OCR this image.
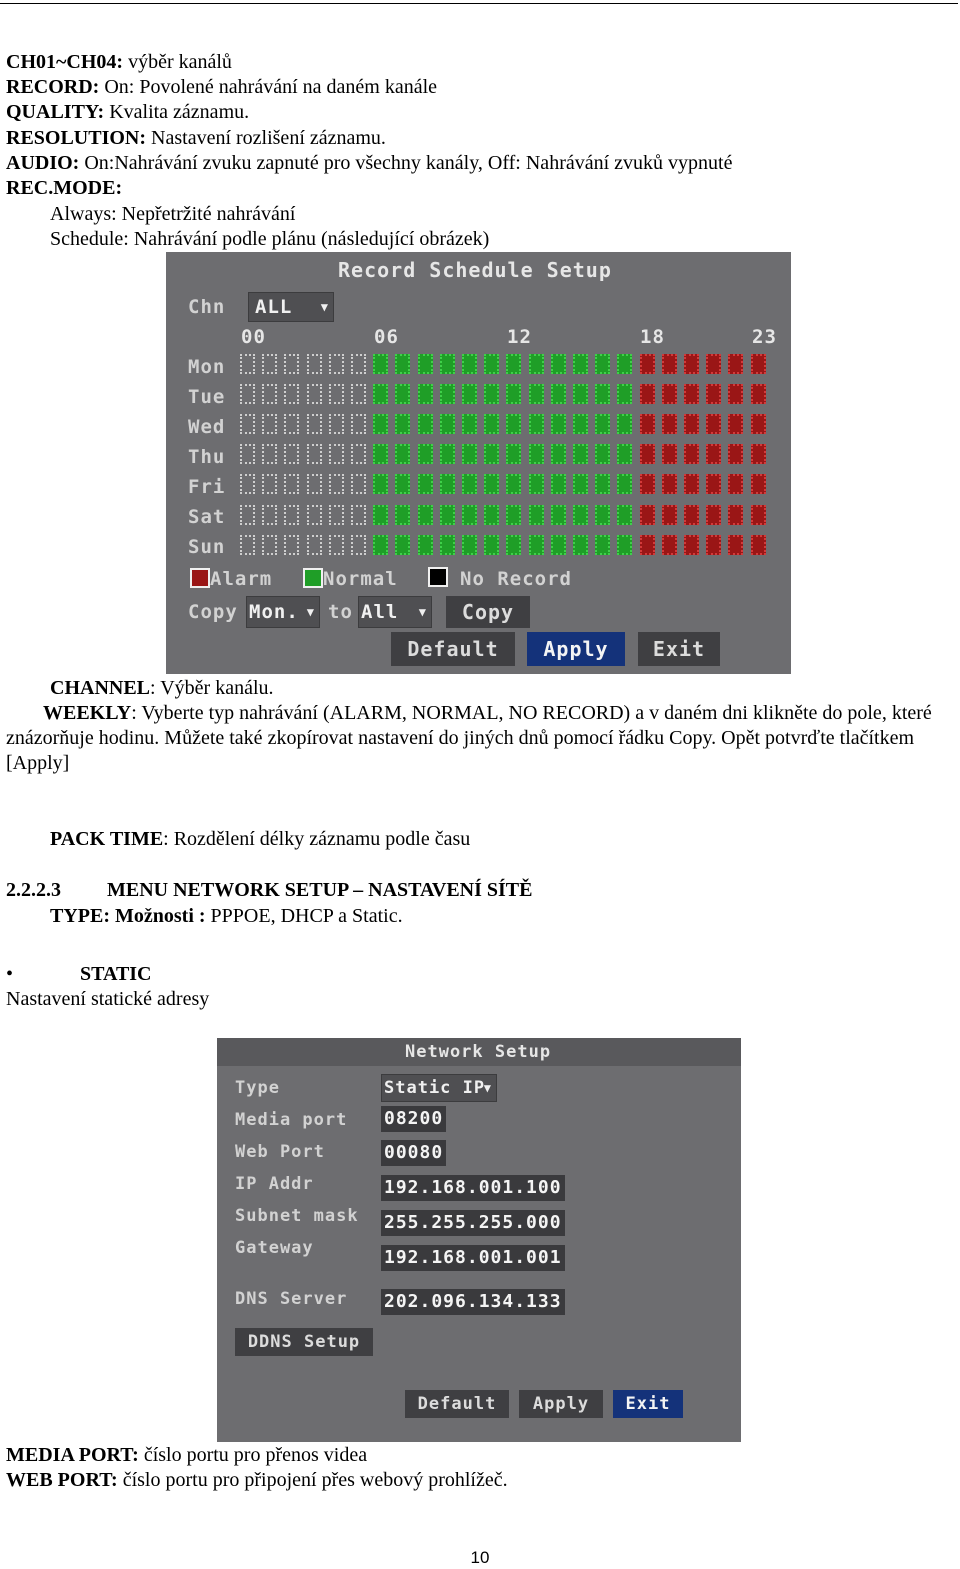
CH01~CH04: výběr kanálů
RECORD: On: Povolené nahrávání na daném kanále
QUALITY: Kvalita záznamu.
RESOLUTION: Nastavení rozlišení záznamu.
AUDIO: On:Nahrávání zvuku zapnuté pro všechny kanály, Off: Nahrávání zvuků vypnuté
REC.MODE:
Always: Nepřetržité nahrávání
Schedule: Nahrávání podle plánu (následující obrázek)
Record Schedule Setup
Chn	ALL ▼
00	06	12	18	23
Mon
Tue
Wed
Thu
Fri
Sat
Sun
Alarm	Normal	No Record
Copy Mon. ▼ to All ▼	Copy
Default	Apply	Exit
CHANNEL: Výběr kanálu.
WEEKLY: Vyberte typ nahrávání (ALARM, NORMAL, NO RECORD) a v daném dni klikněte do pole, které znázorňuje hodinu. Můžete také zkopírovat nastavení do jiných dnů pomocí řádku Copy. Opět potvrďte tlačítkem [Apply]
PACK TIME: Rozdělení délky záznamu podle času
2.2.2.3 MENU NETWORK SETUP – NASTAVENÍ SÍTĚ
TYPE: Možnosti : PPPOE, DHCP a Static.
•	STATIC
Nastavení statické adresy
Network Setup
Type	Static IP
▼
Media port 08200
Web Port	00080
IP Addr	192.168.001.100
Subnet mask 255.255.255.000
Gateway	192.168.001.001
DNS Server 202.096.134.133
DDNS Setup
Default	Apply	Exit
MEDIA PORT: číslo portu pro přenos videa
WEB PORT: číslo portu pro připojení přes webový prohlížeč.
10
